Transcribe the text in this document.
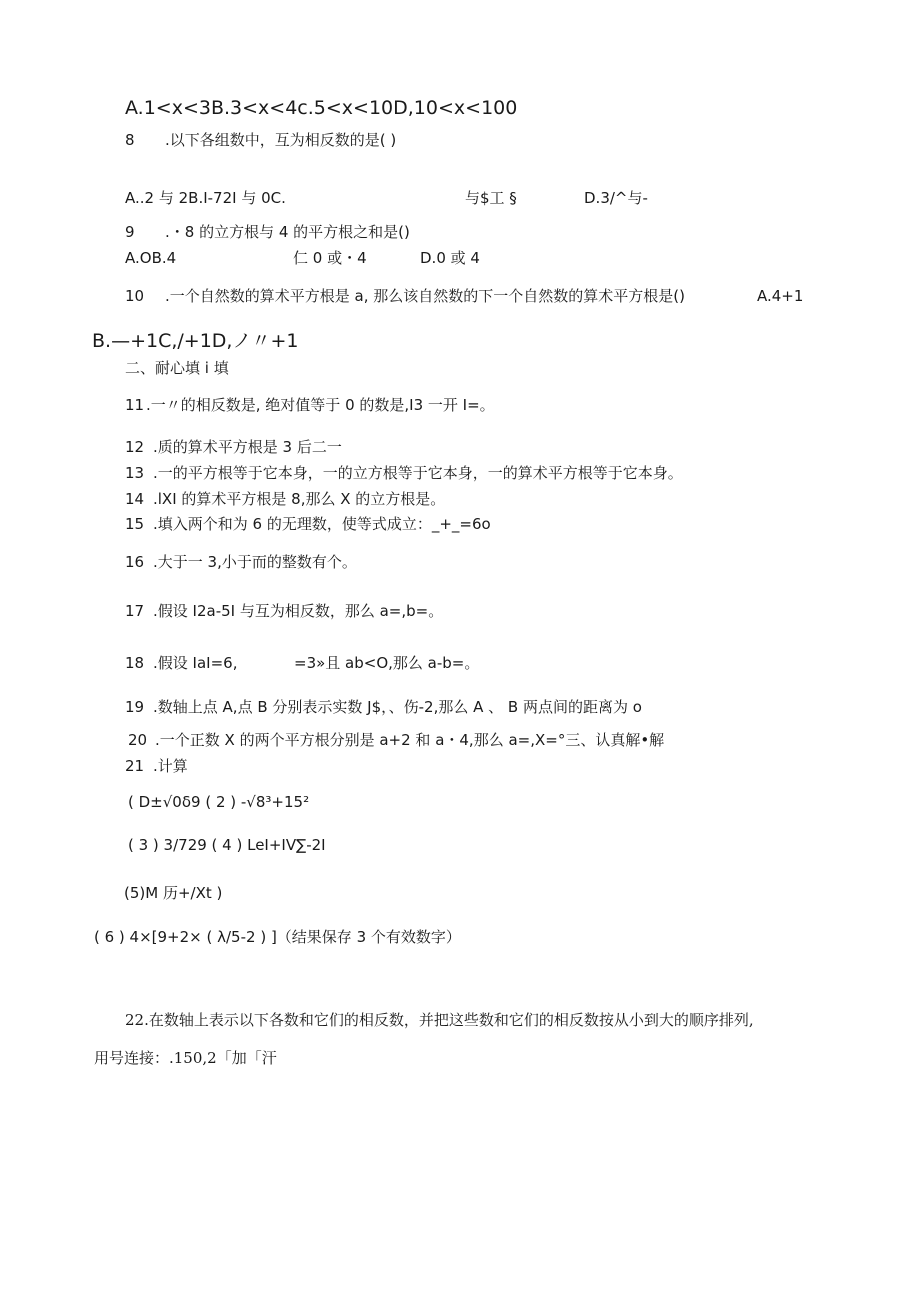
A.1<x<3B.3<x<4c.5<x<10D,10<x<100
8 .以下各组数中，互为相反数的是( )
A..2 与 2B.I-72I 与 0C.	与$工 §	D.3/^与-
9 .・8 的立方根与 4 的平方根之和是()
A.OB.4	仁 0 或・4	D.0 或 4
10 .一个自然数的算术平方根是 a, 那么该自然数的下一个自然数的算术平方根是()	A.4+1
B.—+1C,/+1D,ノ〃+1
二、耐心填 i 填
11 .一〃的相反数是, 绝对值等于 0 的数是,I3 一开 I=。
12 .质的算术平方根是 3 后二一
13 .一的平方根等于它本身，一的立方根等于它本身，一的算术平方根等于它本身。
14 .lXI 的算术平方根是 8,那么 X 的立方根是。
15 .填入两个和为 6 的无理数，使等式成立：_+_=6o
16 .大于一 3,小于而的整数有个。
17 .假设 I2a-5I 与互为相反数，那么 a=,b=。
18 .假设 IaI=6,	=3»且 ab<O,那么 a-b=。
19 .数轴上点 A,点 B 分别表示实数 J$，、伤-2,那么 A 、 B 两点间的距离为 o
20 .一个正数 X 的两个平方根分别是 a+2 和 a・4,那么 a=,X=°三、认真解•解
21 .计算
( D±√0δ9 ( 2 ) -√8³+15²
( 3 ) 3/729 ( 4 ) LeI+IV∑-2I
(5)M 历+/Xt )
( 6 ) 4×[9+2× ( λ/5-2 ) ]（结果保存 3 个有效数字）
22.在数轴上表示以下各数和它们的相反数，并把这些数和它们的相反数按从小到大的顺序排列,
用号连接：.150,2「加「汗
